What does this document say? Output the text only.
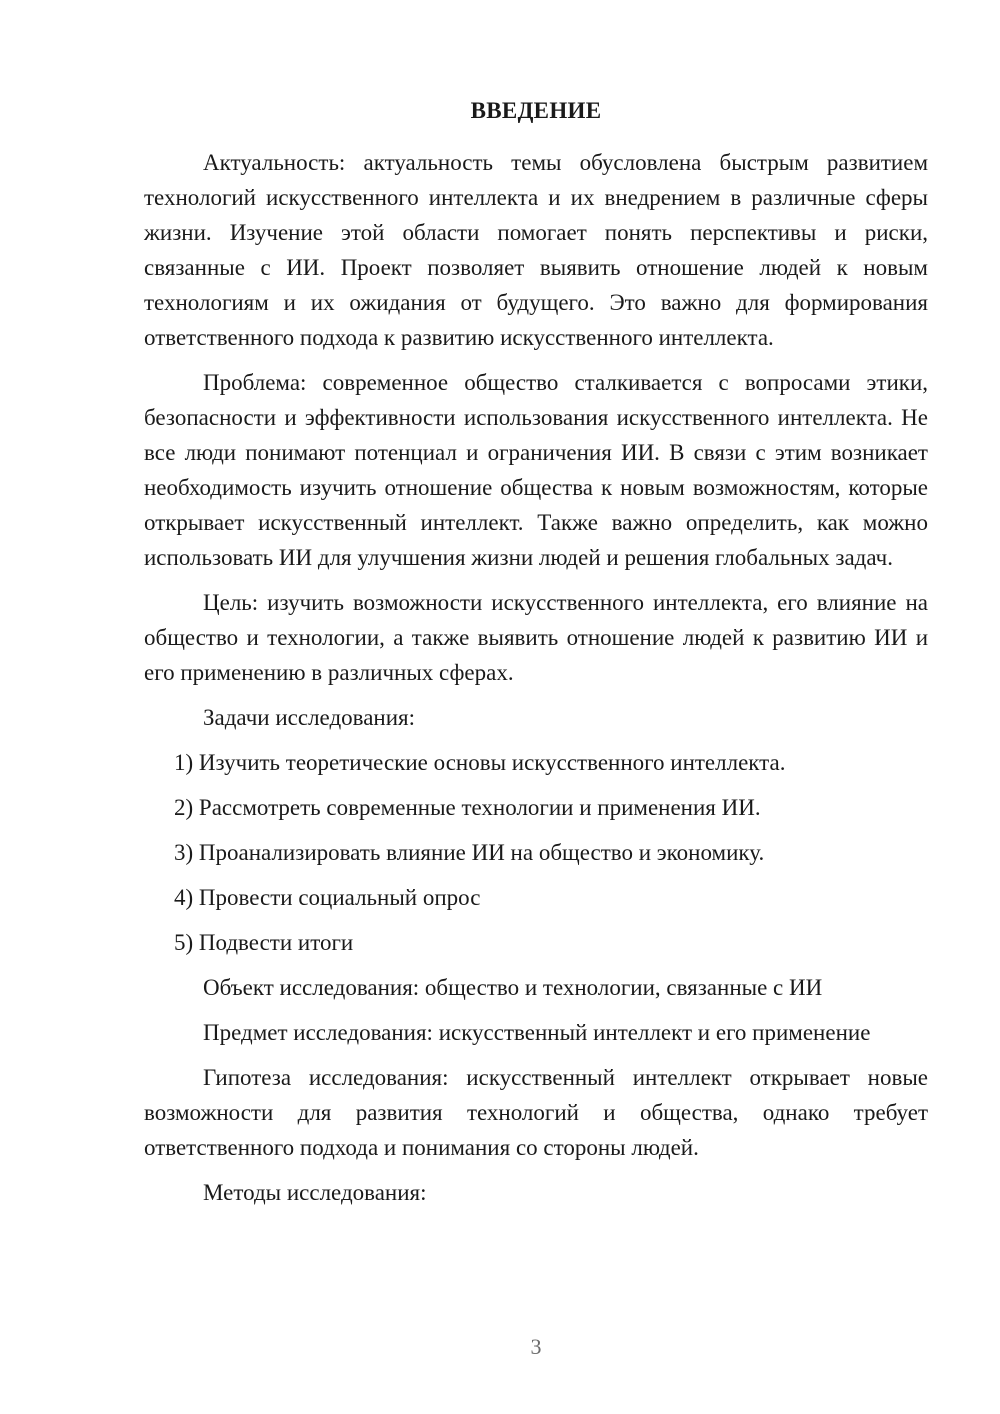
ВВЕДЕНИЕ

Актуальность: актуальность темы обусловлена быстрым развитием технологий искусственного интеллекта и их внедрением в различные сферы жизни. Изучение этой области помогает понять перспективы и риски, связанные с ИИ. Проект позволяет выявить отношение людей к новым технологиям и их ожидания от будущего. Это важно для формирования ответственного подхода к развитию искусственного интеллекта.

Проблема: современное общество сталкивается с вопросами этики, безопасности и эффективности использования искусственного интеллекта. Не все люди понимают потенциал и ограничения ИИ. В связи с этим возникает необходимость изучить отношение общества к новым возможностям, которые открывает искусственный интеллект. Также важно определить, как можно использовать ИИ для улучшения жизни людей и решения глобальных задач.

Цель: изучить возможности искусственного интеллекта, его влияние на общество и технологии, а также выявить отношение людей к развитию ИИ и его применению в различных сферах.

Задачи исследования:

1) Изучить теоретические основы искусственного интеллекта.

2) Рассмотреть современные технологии и применения ИИ.

3) Проанализировать влияние ИИ на общество и экономику.

4) Провести социальный опрос

5) Подвести итоги

Объект исследования: общество и технологии, связанные с ИИ

Предмет исследования: искусственный интеллект и его применение

Гипотеза исследования: искусственный интеллект открывает новые возможности для развития технологий и общества, однако требует ответственного подхода и понимания со стороны людей.

Методы исследования:

3
